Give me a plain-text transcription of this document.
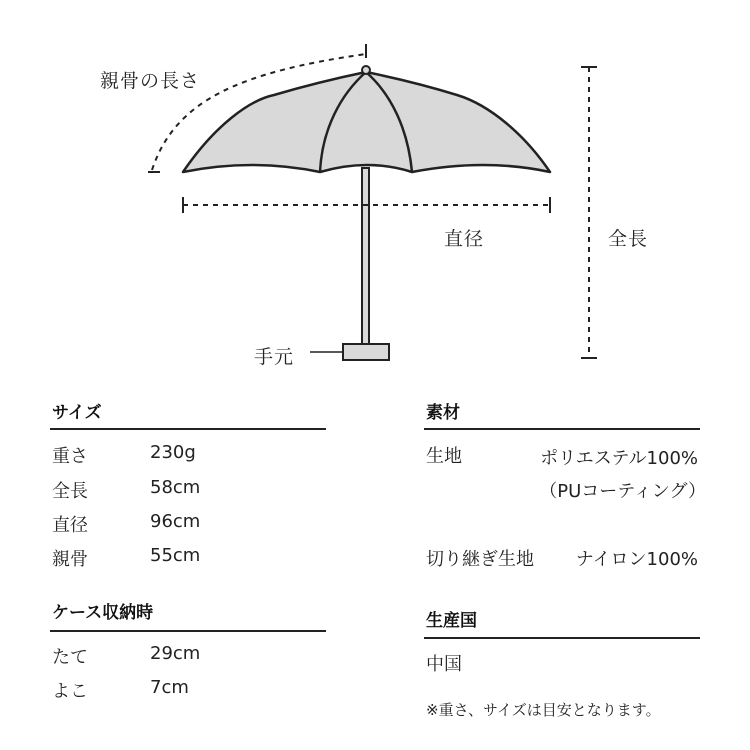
親骨の長さ
直径	全長
手元
サイズ
重さ	230g
全長	58cm
直径	96cm
親骨	55cm
ケース収納時
たて	29cm
よこ	7cm
素材
生地	ポリエステル100%
（PUコーティング）
切り継ぎ生地 ナイロン100%
生産国
中国
※重さ、サイズは目安となります。
